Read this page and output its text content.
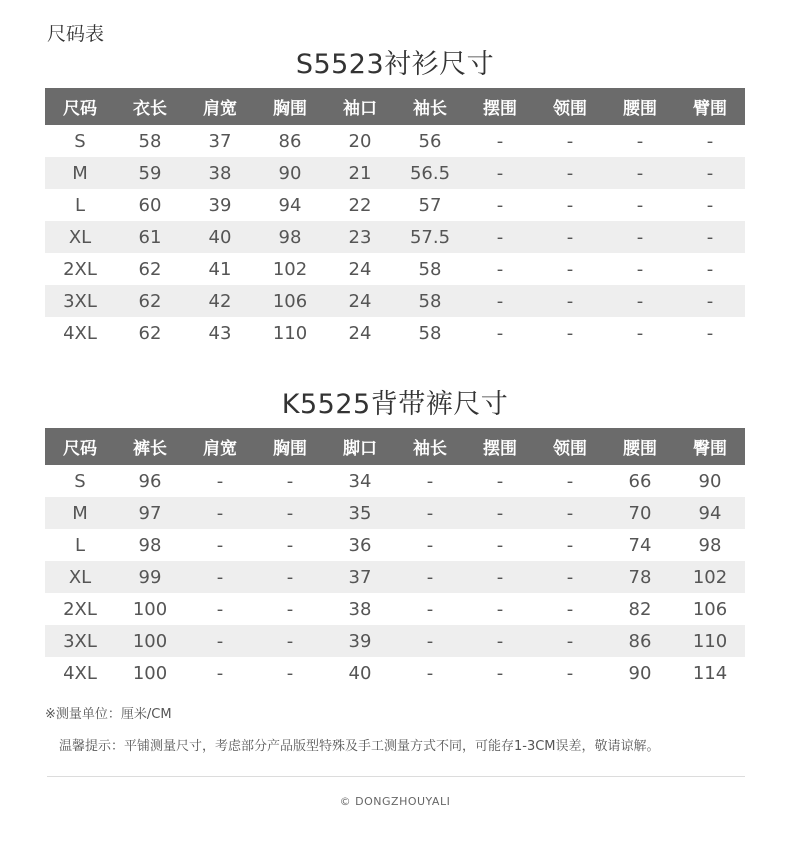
尺码表
S5523衬衫尺寸
尺码	衣长	肩宽	胸围	袖口	袖长	摆围	领围	腰围	臂围
S	58	37	86	20	56	-	-	-	-
M	59	38	90	21	56.5	-	-	-	-
L	60	39	94	22	57	-	-	-	-
XL	61	40	98	23	57.5	-	-	-	-
2XL	62	41	102	24	58	-	-	-	-
3XL	62	42	106	24	58	-	-	-	-
4XL	62	43	110	24	58	-	-	-	-
K5525背带裤尺寸
尺码	裤长	肩宽	胸围	脚口	袖长	摆围	领围	腰围	臀围
S	96	-	-	34	-	-	-	66	90
M	97	-	-	35	-	-	-	70	94
L	98	-	-	36	-	-	-	74	98
XL	99	-	-	37	-	-	-	78	102
2XL	100	-	-	38	-	-	-	82	106
3XL	100	-	-	39	-	-	-	86	110
4XL	100	-	-	40	-	-	-	90	114
※测量单位：厘米/CM
温馨提示：平铺测量尺寸，考虑部分产品版型特殊及手工测量方式不同，可能存1-3CM误差，敬请谅解。
© DONGZHOUYALI
